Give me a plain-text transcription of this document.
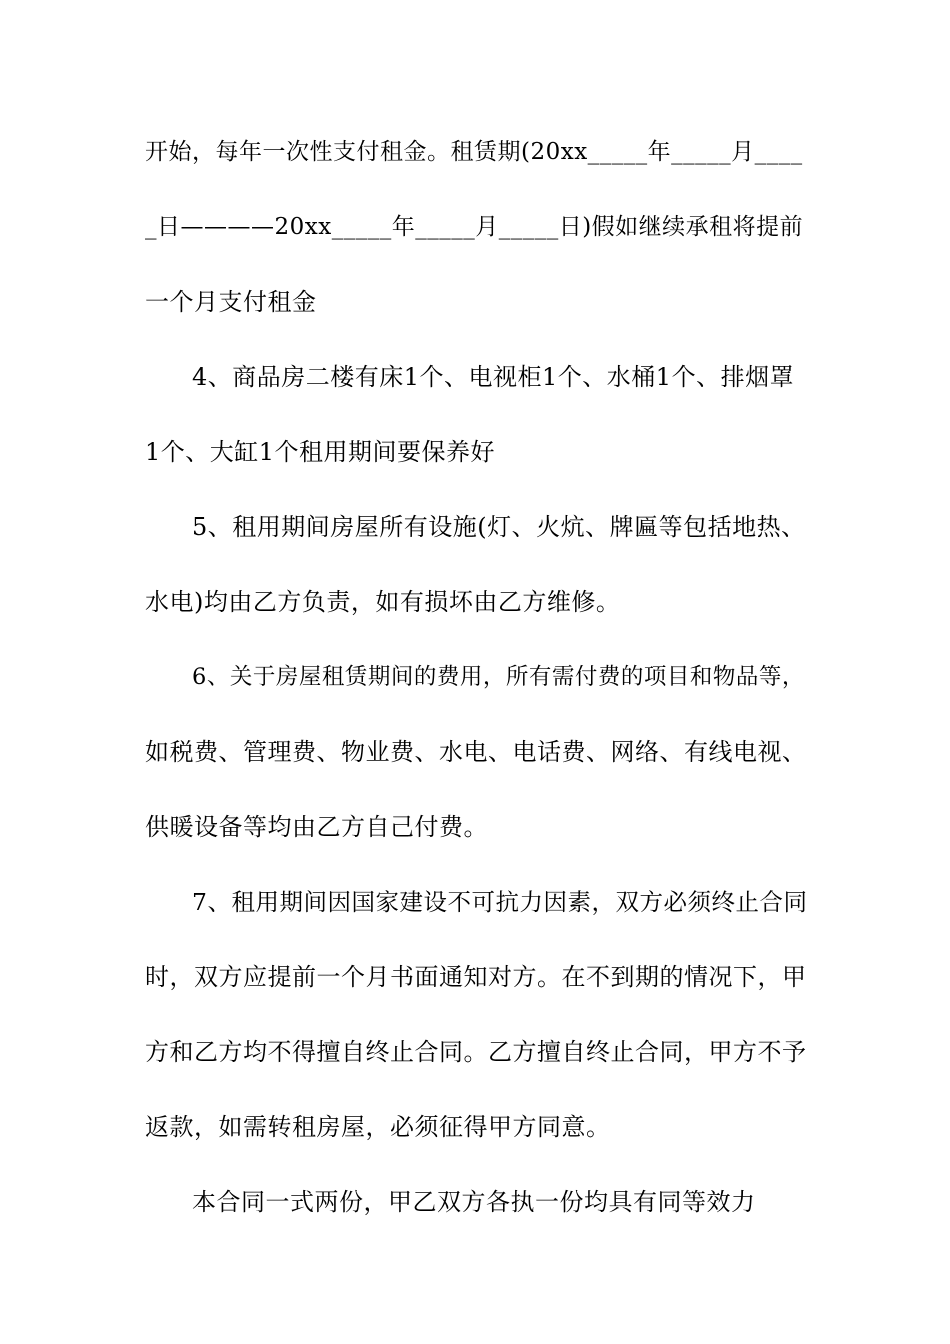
开始，每年一次性支付租金。租赁期(20xx_____年_____月____
_日————20xx_____年_____月_____日)假如继续承租将提前
一个月支付租金
4、商品房二楼有床1个、电视柜1个、水桶1个、排烟罩
1个、大缸1个租用期间要保养好
5、租用期间房屋所有设施(灯、火炕、牌匾等包括地热、
水电)均由乙方负责，如有损坏由乙方维修。
6、关于房屋租赁期间的费用，所有需付费的项目和物品等，
如税费、管理费、物业费、水电、电话费、网络、有线电视、
供暖设备等均由乙方自己付费。
7、租用期间因国家建设不可抗力因素，双方必须终止合同
时，双方应提前一个月书面通知对方。在不到期的情况下，甲
方和乙方均不得擅自终止合同。乙方擅自终止合同，甲方不予
返款，如需转租房屋，必须征得甲方同意。
本合同一式两份，甲乙双方各执一份均具有同等效力
